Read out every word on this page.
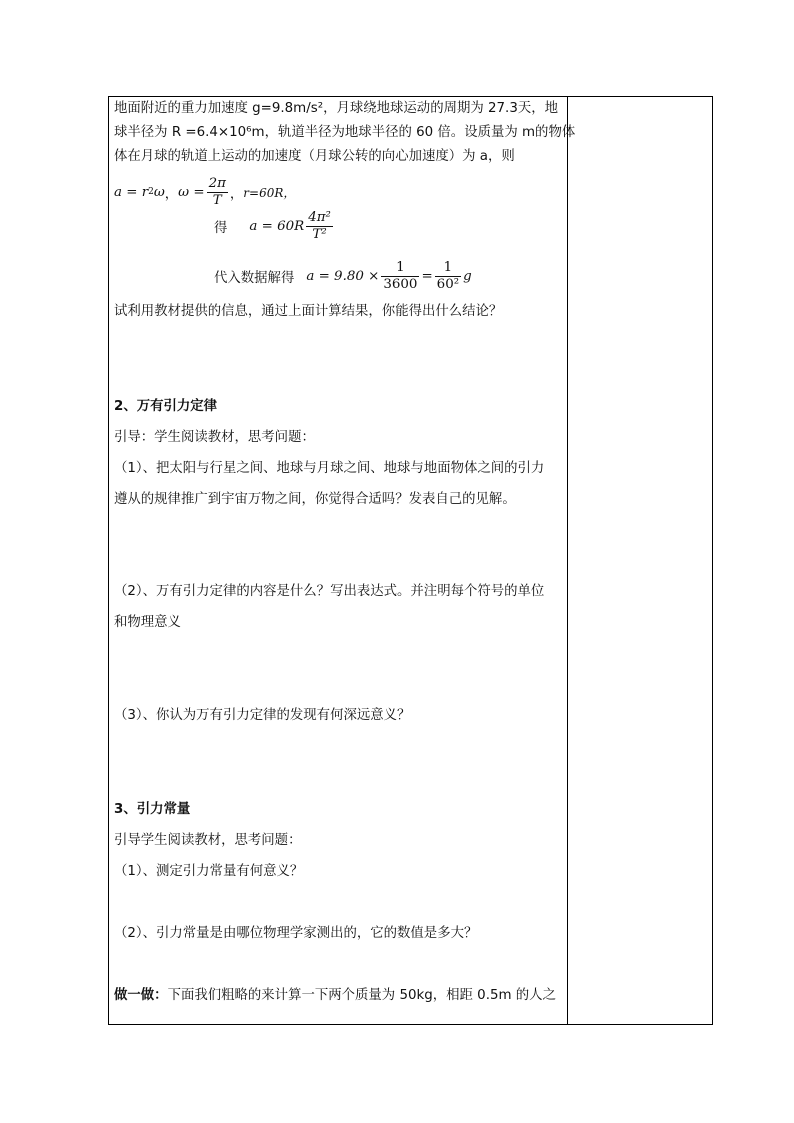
地面附近的重力加速度 g=9.8m/s²，月球绕地球运动的周期为 27.3天，地
球半径为 R =6.4×10⁶m，轨道半径为地球半径的 60 倍。设质量为 m的物体
体在月球的轨道上运动的加速度（月球公转的向心加速度）为 a，则
a = r 2 ω ， $\omega = \frac{2\pi}{T}$ ， r=60R，
得 $a = 60R \frac{\text{4π²}}{\text{T²}}$
代入数据解得 $a = 9.80 \times \frac{1}{3600} = \frac{1}{\text{60²}}$ g
试利用教材提供的信息，通过上面计算结果，你能得出什么结论？
2、万有引力定律
引导：学生阅读教材，思考问题：
（1）、把太阳与行星之间、地球与月球之间、地球与地面物体之间的引力
遵从的规律推广到宇宙万物之间，你觉得合适吗？发表自己的见解。
（2）、万有引力定律的内容是什么？写出表达式。并注明每个符号的单位
和物理意义
（3）、你认为万有引力定律的发现有何深远意义？
3、引力常量
引导学生阅读教材，思考问题：
（1）、测定引力常量有何意义？
（2）、引力常量是由哪位物理学家测出的，它的数值是多大？
做一做：下面我们粗略的来计算一下两个质量为 50kg，相距 0.5m 的人之
